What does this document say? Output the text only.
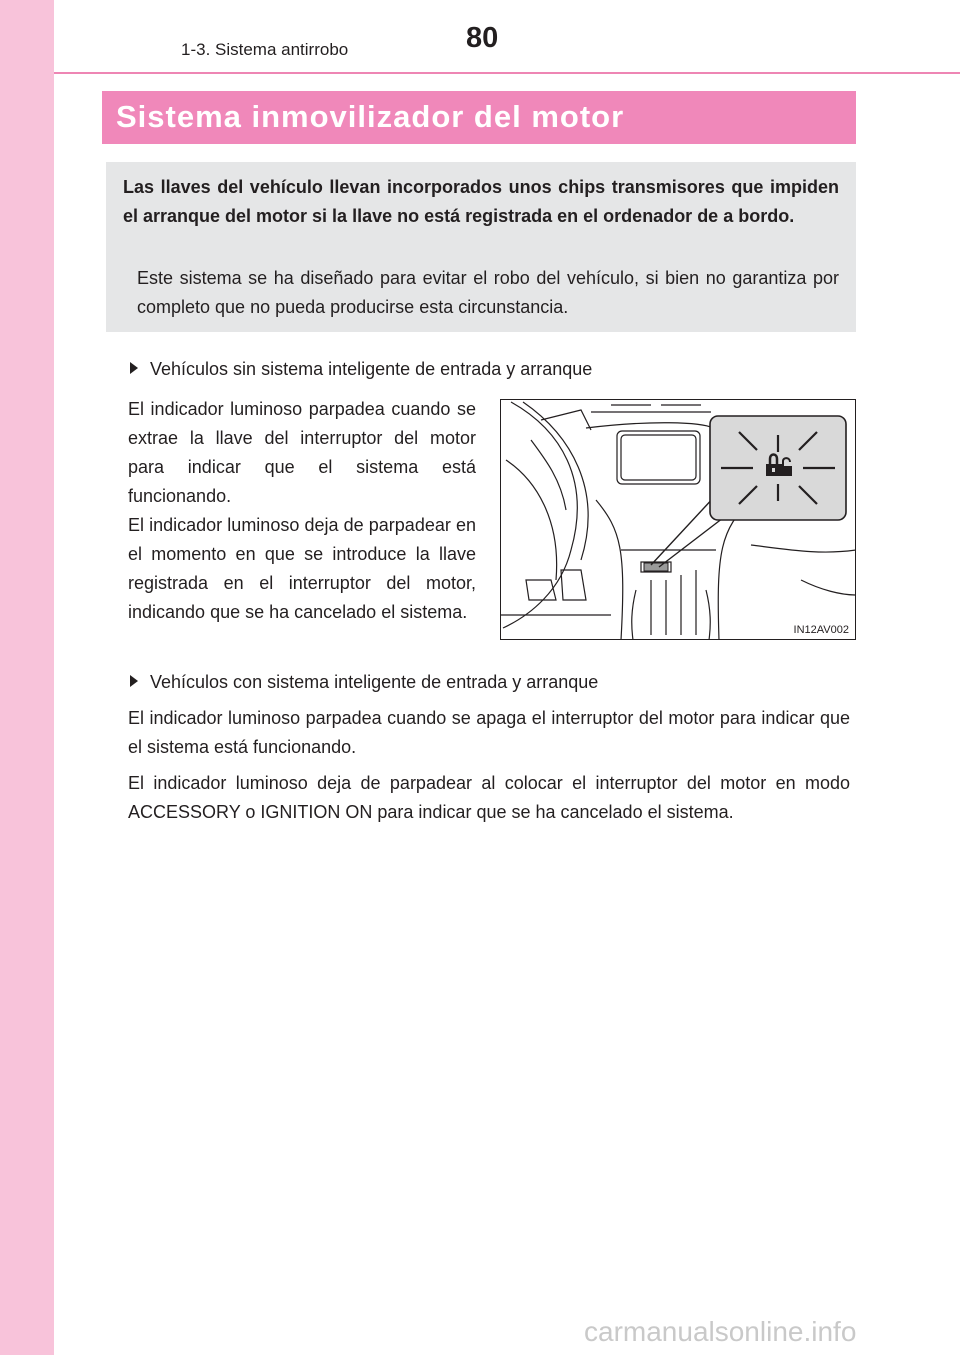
80
1-3. Sistema antirrobo
Sistema inmovilizador del motor
Las llaves del vehículo llevan incorporados unos chips transmisores que impiden el arranque del motor si la llave no está registrada en el ordenador de a bordo.
Este sistema se ha diseñado para evitar el robo del vehículo, si bien no garantiza por completo que no pueda producirse esta circunstancia.
Vehículos sin sistema inteligente de entrada y arranque
El indicador luminoso parpadea cuando se extrae la llave del interruptor del motor para indicar que el sistema está funcionando.
El indicador luminoso deja de parpadear en el momento en que se introduce la llave registrada en el interruptor del motor, indicando que se ha cancelado el sistema.
IN12AV002
Vehículos con sistema inteligente de entrada y arranque
El indicador luminoso parpadea cuando se apaga el interruptor del motor para indicar que el sistema está funcionando.
El indicador luminoso deja de parpadear al colocar el interruptor del motor en modo ACCESSORY o IGNITION ON para indicar que se ha cancelado el sistema.
carmanualsonline.info
